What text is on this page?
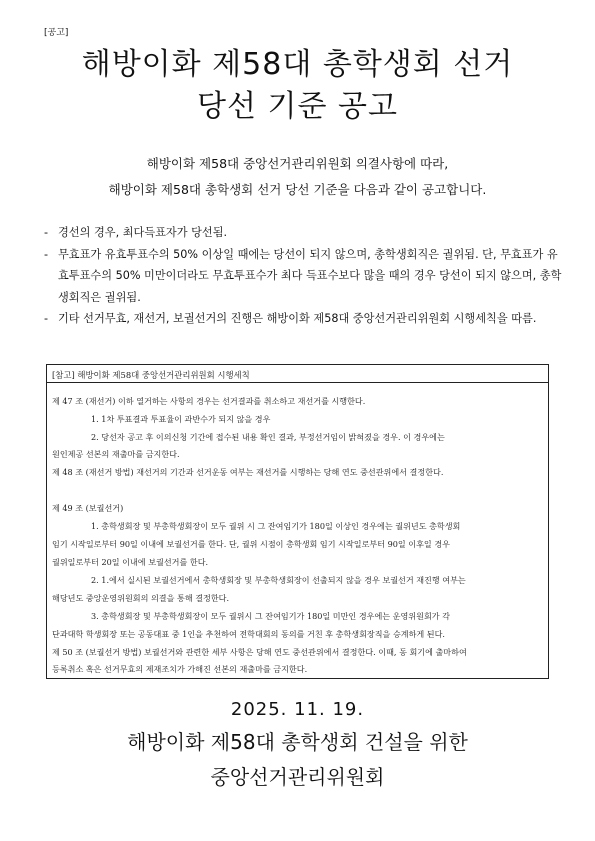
[공고]
해방이화 제58대 총학생회 선거
당선 기준 공고
해방이화 제58대 중앙선거관리위원회 의결사항에 따라,
해방이화 제58대 총학생회 선거 당선 기준을 다음과 같이 공고합니다.
- 경선의 경우, 최다득표자가 당선됨.
- 무효표가 유효투표수의 50% 이상일 때에는 당선이 되지 않으며, 총학생회직은 궐위됨. 단, 무효표가 유효투표수의 50% 미만이더라도 무효투표수가 최다 득표수보다 많을 때의 경우 당선이 되지 않으며, 총학생회직은 궐위됨.
- 기타 선거무효, 재선거, 보궐선거의 진행은 해방이화 제58대 중앙선거관리위원회 시행세칙을 따름.
[참고] 해방이화 제58대 중앙선거관리위원회 시행세칙
제 47 조 (재선거) 이하 열거하는 사항의 경우는 선거결과를 취소하고 재선거를 시행한다.
1. 1차 투표결과 투표율이 과반수가 되지 않을 경우
2. 당선자 공고 후 이의신청 기간에 접수된 내용 확인 결과, 부정선거임이 밝혀졌을 경우. 이 경우에는
원인제공 선본의 재출마를 금지한다.
제 48 조 (재선거 방법) 재선거의 기간과 선거운동 여부는 재선거를 시행하는 당해 연도 중선관위에서 결정한다.
제 49 조 (보궐선거)
1. 총학생회장 및 부총학생회장이 모두 궐위 시 그 잔여임기가 180일 이상인 경우에는 궐위년도 총학생회
임기 시작일로부터 90일 이내에 보궐선거를 한다. 단, 궐위 시점이 총학생회 임기 시작일로부터 90일 이후일 경우
궐위일로부터 20일 이내에 보궐선거를 한다.
2. 1.에서 실시된 보궐선거에서 총학생회장 및 부총학생회장이 선출되지 않을 경우 보궐선거 재진행 여부는
해당년도 중앙운영위원회의 의결을 통해 결정한다.
3. 총학생회장 및 부총학생회장이 모두 궐위시 그 잔여임기가 180일 미만인 경우에는 운영위원회가 각
단과대학 학생회장 또는 공동대표 중 1인을 추천하여 전학대회의 동의를 거친 후 총학생회장직을 승계하게 된다.
제 50 조 (보궐선거 방법) 보궐선거와 관련한 세부 사항은 당해 연도 중선관위에서 결정한다. 이때, 동 회기에 출마하여
등록취소 혹은 선거무효의 제재조치가 가해진 선본의 재출마를 금지한다.
2025. 11. 19.
해방이화 제58대 총학생회 건설을 위한
중앙선거관리위원회
